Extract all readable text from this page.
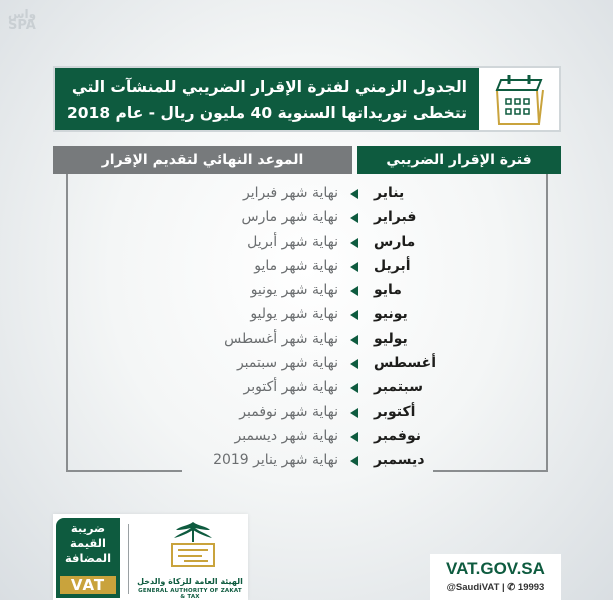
واس
SPA
الجدول الزمني لفترة الإقرار الضريبي للمنشآت التي
تتخطى توريداتها السنوية 40 مليون ريال - عام 2018
فترة الإقرار الضريبي
الموعد النهائي لتقديم الإقرار
يناير
نهاية شهر فبراير
فبراير
نهاية شهر مارس
مارس
نهاية شهر أبريل
أبريل
نهاية شهر مايو
مايو
نهاية شهر يونيو
يونيو
نهاية شهر يوليو
يوليو
نهاية شهر أغسطس
أغسطس
نهاية شهر سبتمبر
سبتمبر
نهاية شهر أكتوبر
أكتوبر
نهاية شهر نوفمبر
نوفمبر
نهاية شهر ديسمبر
ديسمبر
نهاية شهر يناير 2019
ضريبة
القيمة
المضافة
VAT	الهيئة العامة للزكاة والدخل
GENERAL AUTHORITY OF ZAKAT & TAX
VAT.GOV.SA
@SaudiVAT | ✆ 19993
